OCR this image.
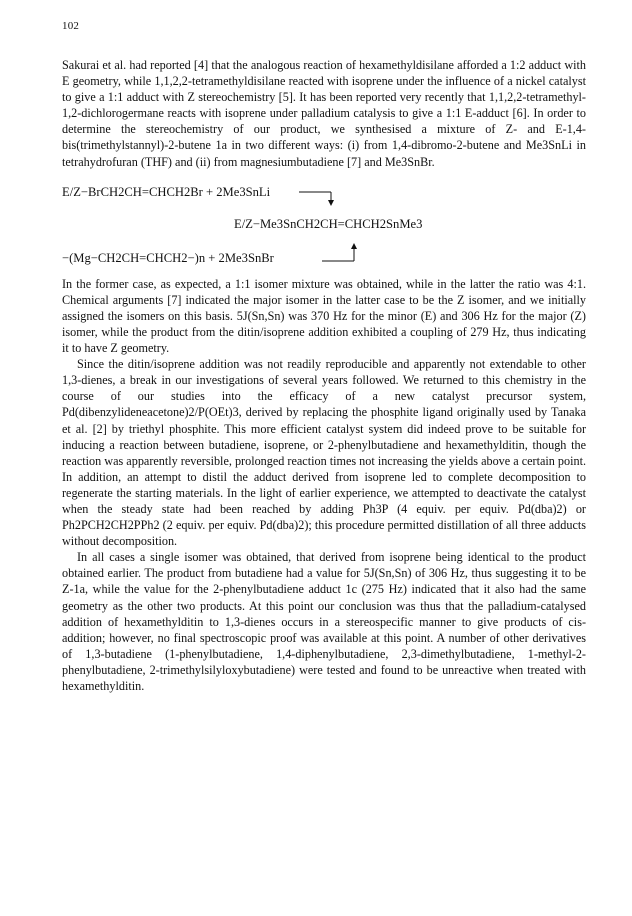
102

Sakurai et al. had reported [4] that the analogous reaction of hexamethyldisilane afforded a 1:2 adduct with E geometry, while 1,1,2,2-tetramethyldisilane reacted with isoprene under the influence of a nickel catalyst to give a 1:1 adduct with Z stereochemistry [5]. It has been reported very recently that 1,1,2,2-tetramethyl-1,2-dichlorogermane reacts with isoprene under palladium catalysis to give a 1:1 E-adduct [6]. In order to determine the stereochemistry of our product, we synthesised a mixture of Z- and E-1,4-bis(trimethylstannyl)-2-butene 1a in two different ways: (i) from 1,4-dibromo-2-butene and Me3SnLi in tetrahydrofuran (THF) and (ii) from magnesiumbutadiene [7] and Me3SnBr.

E/Z−BrCH2CH=CHCH2Br + 2Me3SnLi
E/Z−Me3SnCH2CH=CHCH2SnMe3
−(Mg−CH2CH=CHCH2−)n + 2Me3SnBr

In the former case, as expected, a 1:1 isomer mixture was obtained, while in the latter the ratio was 4:1. Chemical arguments [7] indicated the major isomer in the latter case to be the Z isomer, and we initially assigned the isomers on this basis. 5J(Sn,Sn) was 370 Hz for the minor (E) and 306 Hz for the major (Z) isomer, while the product from the ditin/isoprene addition exhibited a coupling of 279 Hz, thus indicating it to have Z geometry.

Since the ditin/isoprene addition was not readily reproducible and apparently not extendable to other 1,3-dienes, a break in our investigations of several years followed. We returned to this chemistry in the course of our studies into the efficacy of a new catalyst precursor system, Pd(dibenzylideneacetone)2/P(OEt)3, derived by replacing the phosphite ligand originally used by Tanaka et al. [2] by triethyl phosphite. This more efficient catalyst system did indeed prove to be suitable for inducing a reaction between butadiene, isoprene, or 2-phenylbutadiene and hexamethylditin, though the reaction was apparently reversible, prolonged reaction times not increasing the yields above a certain point. In addition, an attempt to distil the adduct derived from isoprene led to complete decomposition to regenerate the starting materials. In the light of earlier experience, we attempted to deactivate the catalyst when the steady state had been reached by adding Ph3P (4 equiv. per equiv. Pd(dba)2) or Ph2PCH2CH2PPh2 (2 equiv. per equiv. Pd(dba)2); this procedure permitted distillation of all three adducts without decomposition.

In all cases a single isomer was obtained, that derived from isoprene being identical to the product obtained earlier. The product from butadiene had a value for 5J(Sn,Sn) of 306 Hz, thus suggesting it to be Z-1a, while the value for the 2-phenylbutadiene adduct 1c (275 Hz) indicated that it also had the same geometry as the other two products. At this point our conclusion was thus that the palladium-catalysed addition of hexamethylditin to 1,3-dienes occurs in a stereospecific manner to give products of cis-addition; however, no final spectroscopic proof was available at this point. A number of other derivatives of 1,3-butadiene (1-phenylbutadiene, 1,4-diphenylbutadiene, 2,3-dimethylbutadiene, 1-methyl-2-phenylbutadiene, 2-trimethylsilyloxybutadiene) were tested and found to be unreactive when treated with hexamethylditin.
